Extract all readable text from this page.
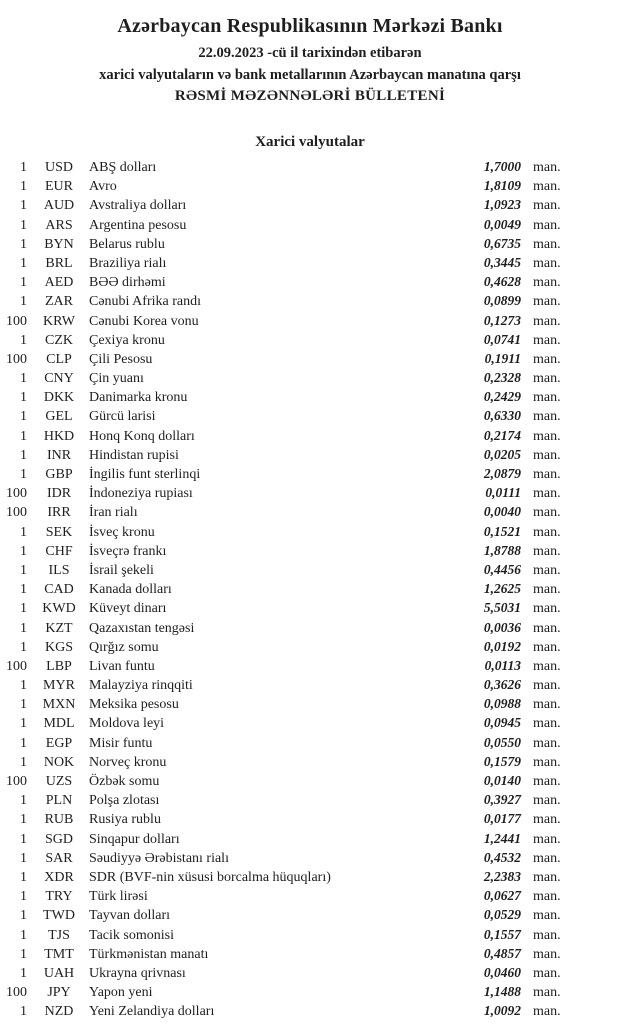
Azərbaycan Respublikasının Mərkəzi Bankı
22.09.2023 -cü il tarixindən etibarən
xarici valyutaların və bank metallarının Azərbaycan manatına qarşı
RƏSMİ MƏZƏNNƏLƏRİ BÜLLETENİ
Xarici valyutalar
1	USD	ABŞ dolları	1,7000 man.
1	EUR	Avro	1,8109 man.
1	AUD	Avstraliya dolları	1,0923 man.
1	ARS	Argentina pesosu	0,0049 man.
1	BYN	Belarus rublu	0,6735 man.
1	BRL	Braziliya rialı	0,3445 man.
1	AED	BƏƏ dirhəmi	0,4628 man.
1	ZAR	Cənubi Afrika randı	0,0899 man.
100	KRW	Cənubi Korea vonu	0,1273 man.
1	CZK	Çexiya kronu	0,0741 man.
100	CLP	Çili Pesosu	0,1911 man.
1	CNY	Çin yuanı	0,2328 man.
1	DKK	Danimarka kronu	0,2429 man.
1	GEL	Gürcü larisi	0,6330 man.
1	HKD	Honq Konq dolları	0,2174 man.
1	INR	Hindistan rupisi	0,0205 man.
1	GBP	İngilis funt sterlinqi	2,0879 man.
100	IDR	İndoneziya rupiası	0,0111 man.
100	IRR	İran rialı	0,0040 man.
1	SEK	İsveç kronu	0,1521 man.
1	CHF	İsveçrə frankı	1,8788 man.
1	ILS	İsrail şekeli	0,4456 man.
1	CAD	Kanada dolları	1,2625 man.
1	KWD Küveyt dinarı	5,5031 man.
1	KZT	Qazaxıstan tengəsi	0,0036 man.
1	KGS	Qırğız somu	0,0192 man.
100	LBP	Livan funtu	0,0113 man.
1	MYR	Malayziya rinqqiti	0,3626 man.
1	MXN Meksika pesosu	0,0988 man.
1	MDL	Moldova leyi	0,0945 man.
1	EGP	Misir funtu	0,0550 man.
1	NOK	Norveç kronu	0,1579 man.
100	UZS	Özbək somu	0,0140 man.
1	PLN	Polşa zlotası	0,3927 man.
1	RUB	Rusiya rublu	0,0177 man.
1	SGD	Sinqapur dolları	1,2441 man.
1	SAR	Səudiyyə Ərəbistanı rialı	0,4532 man.
1	XDR	SDR (BVF-nin xüsusi borcalma hüquqları)	2,2383 man.
1	TRY	Türk lirəsi	0,0627 man.
1	TWD	Tayvan dolları	0,0529 man.
1	TJS	Tacik somonisi	0,1557 man.
1	TMT	Türkmənistan manatı	0,4857 man.
1	UAH	Ukrayna qrivnası	0,0460 man.
100	JPY	Yapon yeni	1,1488 man.
1	NZD	Yeni Zelandiya dolları	1,0092 man.
